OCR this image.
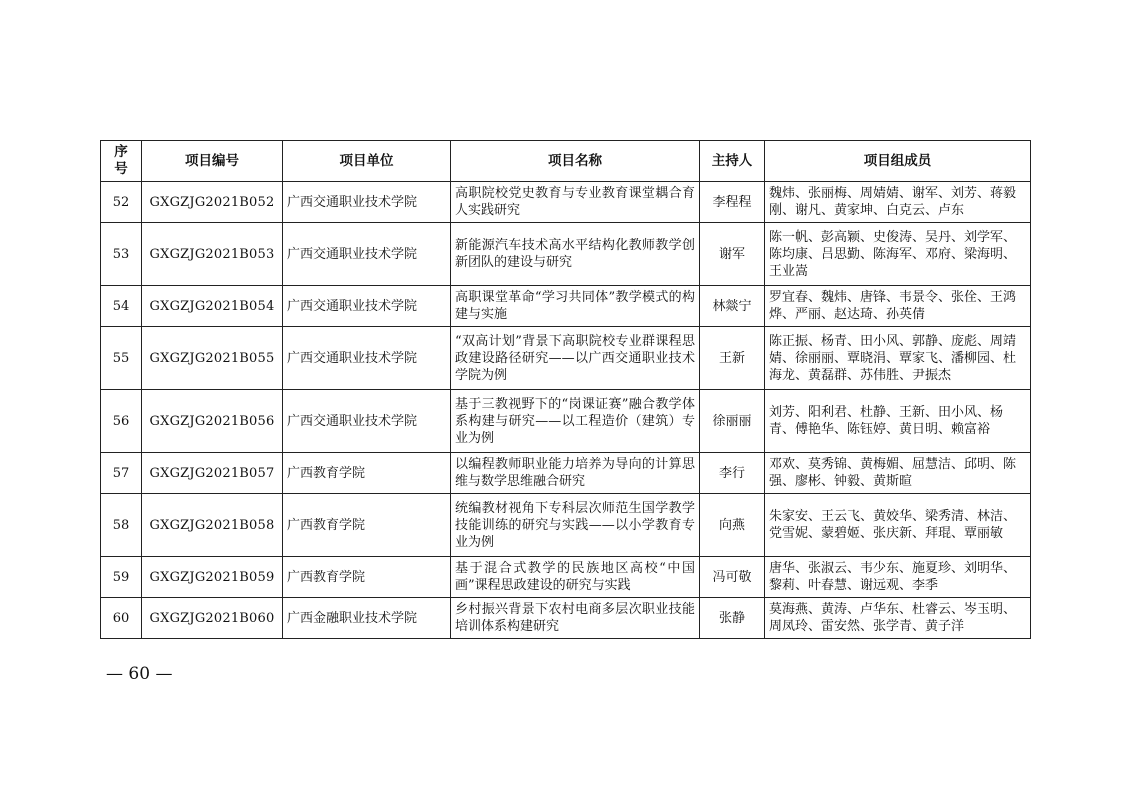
序号	项目编号	项目单位	项目名称	主持人	项目组成员
52	GXGZJG2021B052	广西交通职业技术学院	高职院校党史教育与专业教育课堂耦合育人实践研究	李程程	魏炜、张丽梅、周婧婧、谢军、刘芳、蒋毅刚、谢凡、黄家坤、白克云、卢东
53	GXGZJG2021B053	广西交通职业技术学院	新能源汽车技术高水平结构化教师教学创新团队的建设与研究	谢军	陈一帆、彭高颖、史俊涛、吴丹、刘学军、陈均康、吕思勤、陈海军、邓府、梁海明、王业嵩
54	GXGZJG2021B054	广西交通职业技术学院	高职课堂革命“学习共同体”教学模式的构建与实施	林燚宁	罗宜春、魏炜、唐锋、韦景令、张佺、王鸿烨、严丽、赵达琦、孙英倩
55	GXGZJG2021B055	广西交通职业技术学院	“双高计划”背景下高职院校专业群课程思政建设路径研究——以广西交通职业技术学院为例	王新	陈正振、杨青、田小风、郭静、庞彪、周靖婧、徐丽丽、覃晓涓、覃家飞、潘柳园、杜海龙、黄磊群、苏伟胜、尹振杰
56	GXGZJG2021B056	广西交通职业技术学院	基于三教视野下的“岗课证赛”融合教学体系构建与研究——以工程造价（建筑）专业为例	徐丽丽	刘芳、阳利君、杜静、王新、田小风、杨青、傅艳华、陈钰婷、黄日明、赖富裕
57	GXGZJG2021B057	广西教育学院	以编程教师职业能力培养为导向的计算思维与数学思维融合研究	李行	邓欢、莫秀锦、黄梅媚、屈慧洁、邱明、陈强、廖彬、钟毅、黄斯暄
58	GXGZJG2021B058	广西教育学院	统编教材视角下专科层次师范生国学教学技能训练的研究与实践——以小学教育专业为例	向燕	朱家安、王云飞、黄姣华、梁秀清、林洁、党雪妮、蒙碧姬、张庆新、拜琨、覃丽敏
59	GXGZJG2021B059	广西教育学院	基于混合式教学的民族地区高校“中国画”课程思政建设的研究与实践	冯可敬	唐华、张淑云、韦少东、施夏珍、刘明华、黎莉、叶春慧、谢远观、李季
60	GXGZJG2021B060	广西金融职业技术学院	乡村振兴背景下农村电商多层次职业技能培训体系构建研究	张静	莫海燕、黄涛、卢华东、杜睿云、岑玉明、周凤玲、雷安然、张学青、黄子洋
— 60 —
